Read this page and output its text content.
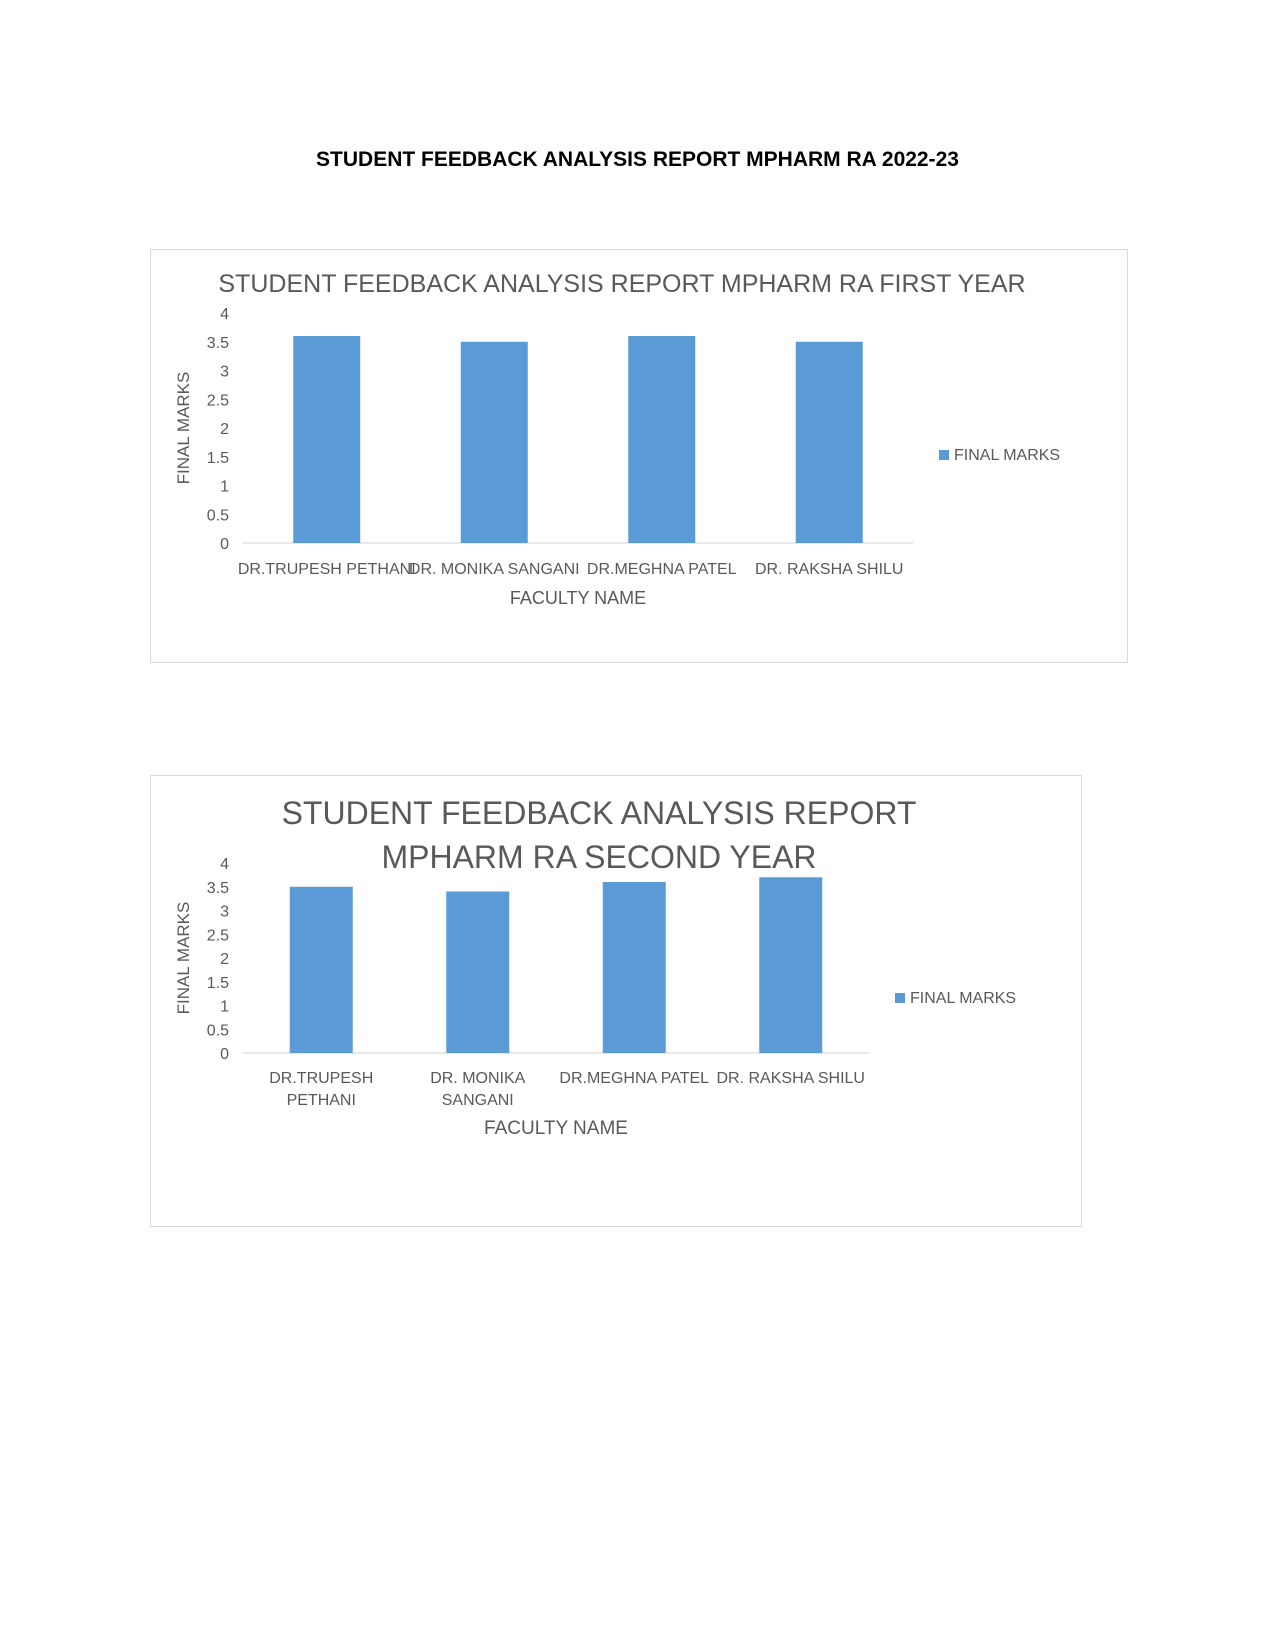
STUDENT FEEDBACK ANALYSIS REPORT MPHARM RA 2022-23
STUDENT FEEDBACK ANALYSIS REPORT MPHARM RA FIRST YEAR
0
0.5
1
1.5
2
2.5
3
3.5
4
DR.TRUPESH PETHANI
DR. MONIKA SANGANI DR.MEGHNA PATEL DR. RAKSHA SHILU
FACULTY NAME
FINAL MARKS	FINAL MARKS
STUDENT FEEDBACK ANALYSIS REPORT
MPHARM RA SECOND YEAR
0
0.5
1
1.5
2
2.5
3
3.5
4
DR.TRUPESH
PETHANI
DR. MONIKA
SANGANI
DR.MEGHNA PATEL DR. RAKSHA SHILU
FACULTY NAME
FINAL MARKS	FINAL MARKS
